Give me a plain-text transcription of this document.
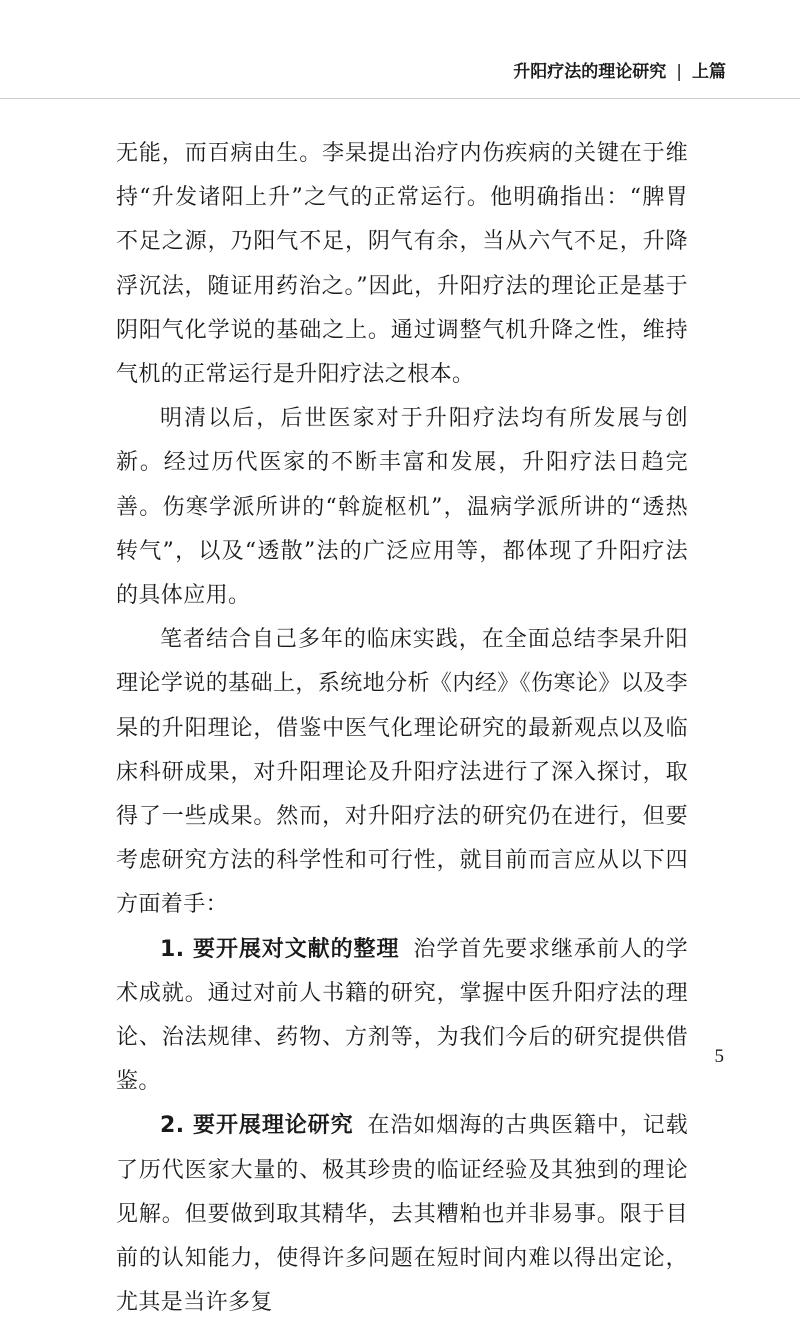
升阳疗法的理论研究 | 上篇

无能，而百病由生。李杲提出治疗内伤疾病的关键在于维持“升发诸阳上升”之气的正常运行。他明确指出：“脾胃不足之源，乃阳气不足，阴气有余，当从六气不足，升降浮沉法，随证用药治之。”因此，升阳疗法的理论正是基于阴阳气化学说的基础之上。通过调整气机升降之性，维持气机的正常运行是升阳疗法之根本。

明清以后，后世医家对于升阳疗法均有所发展与创新。经过历代医家的不断丰富和发展，升阳疗法日趋完善。伤寒学派所讲的“斡旋枢机”，温病学派所讲的“透热转气”，以及“透散”法的广泛应用等，都体现了升阳疗法的具体应用。

笔者结合自己多年的临床实践，在全面总结李杲升阳理论学说的基础上，系统地分析《内经》《伤寒论》以及李杲的升阳理论，借鉴中医气化理论研究的最新观点以及临床科研成果，对升阳理论及升阳疗法进行了深入探讨，取得了一些成果。然而，对升阳疗法的研究仍在进行，但要考虑研究方法的科学性和可行性，就目前而言应从以下四方面着手：

1. 要开展对文献的整理 治学首先要求继承前人的学术成就。通过对前人书籍的研究，掌握中医升阳疗法的理论、治法规律、药物、方剂等，为我们今后的研究提供借鉴。

2. 要开展理论研究 在浩如烟海的古典医籍中，记载了历代医家大量的、极其珍贵的临证经验及其独到的理论见解。但要做到取其精华，去其糟粕也并非易事。限于目前的认知能力，使得许多问题在短时间内难以得出定论，尤其是当许多复

5
